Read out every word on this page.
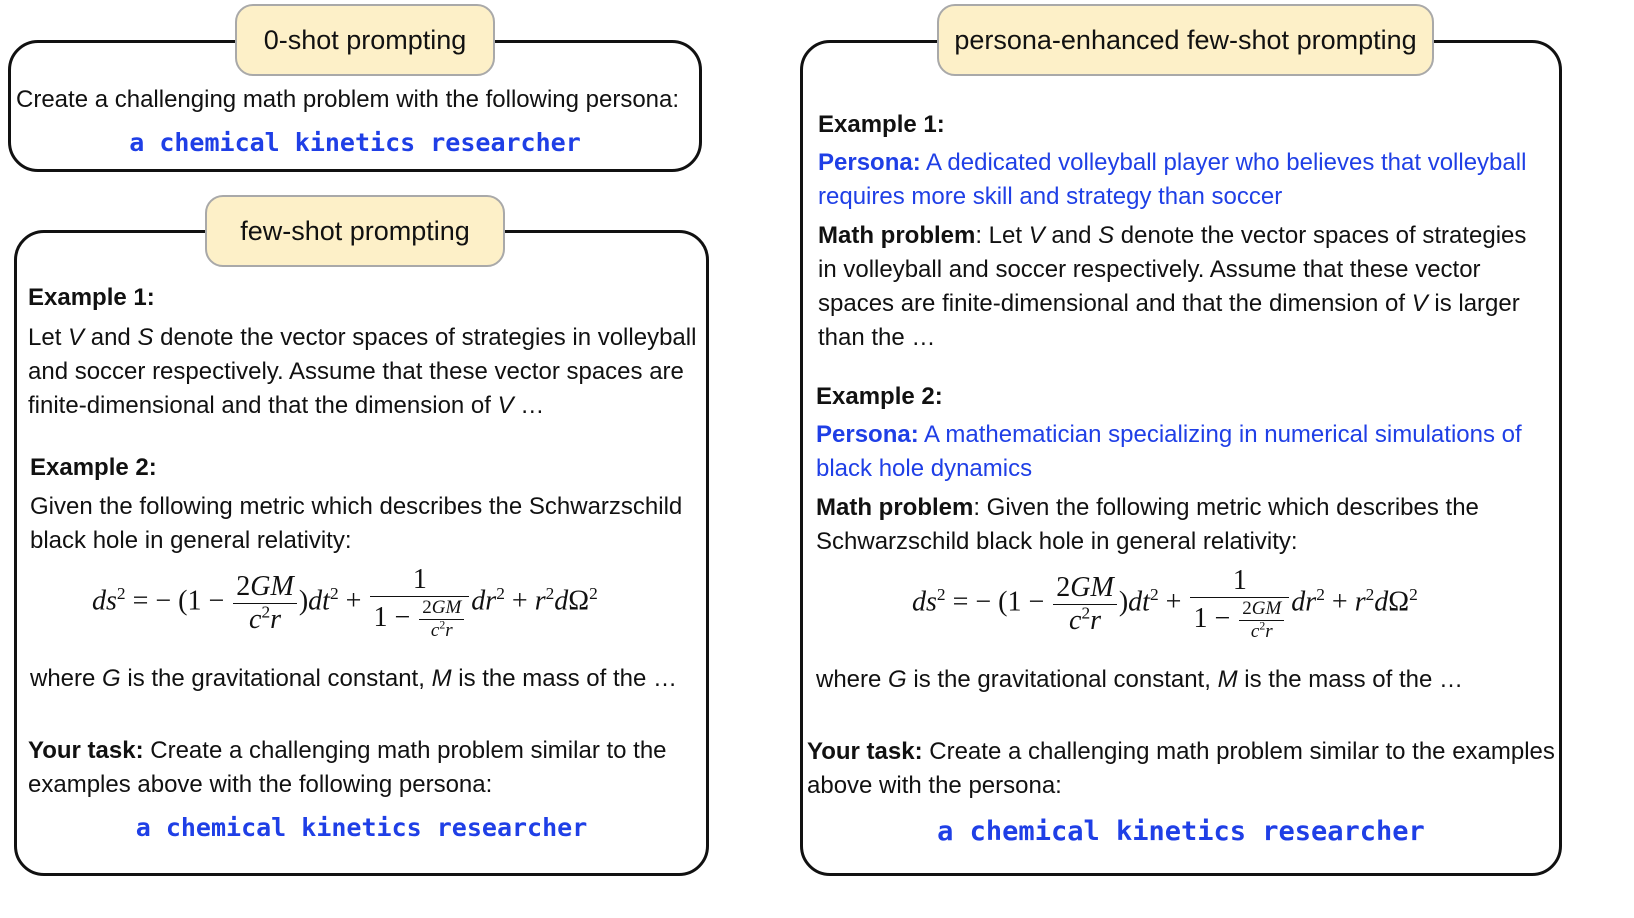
0-shot prompting
Create a challenging math problem with the following persona:
a chemical kinetics researcher
few-shot prompting
Example 1:
Let V and S denote the vector spaces of strategies in volleyball
and soccer respectively. Assume that these vector spaces are
finite-dimensional and that the dimension of V …
Example 2:
Given the following metric which describes the Schwarzschild
black hole in general relativity:
$ds^2$ = − $(1 - \frac{2GM}{c^2r} )dt^2 + \frac{1}{1 - \frac{2GM}{c^2r}} dr^2 + r^2d\Omega^2$
where G is the gravitational constant, M is the mass of the …
Your task: Create a challenging math problem similar to the
examples above with the following persona:
a chemical kinetics researcher
persona-enhanced few-shot prompting
Example 1:
Persona: A dedicated volleyball player who believes that volleyball
requires more skill and strategy than soccer
Math problem: Let V and S denote the vector spaces of strategies
in volleyball and soccer respectively. Assume that these vector
spaces are finite-dimensional and that the dimension of V is larger
than the …
Example 2:
Persona: A mathematician specializing in numerical simulations of
black hole dynamics
Math problem: Given the following metric which describes the
Schwarzschild black hole in general relativity:
$ds^2$ = − $(1 - \frac{2GM}{c^2r} )dt^2 + \frac{1}{1 - \frac{2GM}{c^2r}} dr^2 + r^2d\Omega^2$
where G is the gravitational constant, M is the mass of the …
Your task: Create a challenging math problem similar to the examples
above with the persona:
a chemical kinetics researcher
